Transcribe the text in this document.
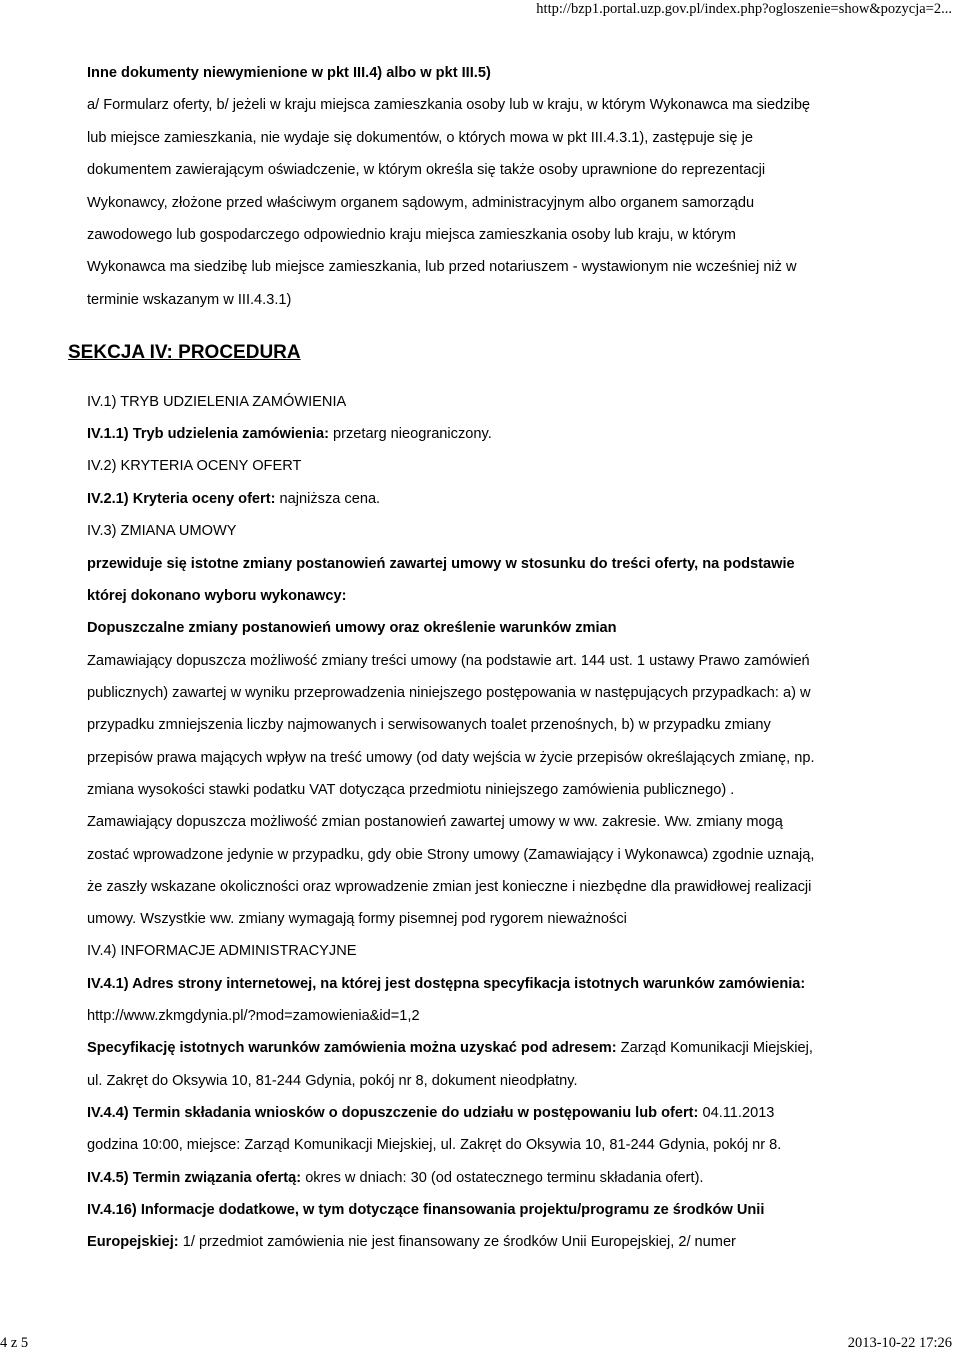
http://bzp1.portal.uzp.gov.pl/index.php?ogloszenie=show&pozycja=2...
Inne dokumenty niewymienione w pkt III.4) albo w pkt III.5)
a/ Formularz oferty, b/ jeżeli w kraju miejsca zamieszkania osoby lub w kraju, w którym Wykonawca ma siedzibę
lub miejsce zamieszkania, nie wydaje się dokumentów, o których mowa w pkt III.4.3.1), zastępuje się je
dokumentem zawierającym oświadczenie, w którym określa się także osoby uprawnione do reprezentacji
Wykonawcy, złożone przed właściwym organem sądowym, administracyjnym albo organem samorządu
zawodowego lub gospodarczego odpowiednio kraju miejsca zamieszkania osoby lub kraju, w którym
Wykonawca ma siedzibę lub miejsce zamieszkania, lub przed notariuszem - wystawionym nie wcześniej niż w
terminie wskazanym w III.4.3.1)
SEKCJA IV: PROCEDURA
IV.1) TRYB UDZIELENIA ZAMÓWIENIA
IV.1.1) Tryb udzielenia zamówienia: przetarg nieograniczony.
IV.2) KRYTERIA OCENY OFERT
IV.2.1) Kryteria oceny ofert: najniższa cena.
IV.3) ZMIANA UMOWY
przewiduje się istotne zmiany postanowień zawartej umowy w stosunku do treści oferty, na podstawie
której dokonano wyboru wykonawcy:
Dopuszczalne zmiany postanowień umowy oraz określenie warunków zmian
Zamawiający dopuszcza możliwość zmiany treści umowy (na podstawie art. 144 ust. 1 ustawy Prawo zamówień
publicznych) zawartej w wyniku przeprowadzenia niniejszego postępowania w następujących przypadkach: a) w
przypadku zmniejszenia liczby najmowanych i serwisowanych toalet przenośnych, b) w przypadku zmiany
przepisów prawa mających wpływ na treść umowy (od daty wejścia w życie przepisów określających zmianę, np.
zmiana wysokości stawki podatku VAT dotycząca przedmiotu niniejszego zamówienia publicznego) .
Zamawiający dopuszcza możliwość zmian postanowień zawartej umowy w ww. zakresie. Ww. zmiany mogą
zostać wprowadzone jedynie w przypadku, gdy obie Strony umowy (Zamawiający i Wykonawca) zgodnie uznają,
że zaszły wskazane okoliczności oraz wprowadzenie zmian jest konieczne i niezbędne dla prawidłowej realizacji
umowy. Wszystkie ww. zmiany wymagają formy pisemnej pod rygorem nieważności
IV.4) INFORMACJE ADMINISTRACYJNE
IV.4.1) Adres strony internetowej, na której jest dostępna specyfikacja istotnych warunków zamówienia:
http://www.zkmgdynia.pl/?mod=zamowienia&id=1,2
Specyfikację istotnych warunków zamówienia można uzyskać pod adresem: Zarząd Komunikacji Miejskiej,
ul. Zakręt do Oksywia 10, 81-244 Gdynia, pokój nr 8, dokument nieodpłatny.
IV.4.4) Termin składania wniosków o dopuszczenie do udziału w postępowaniu lub ofert: 04.11.2013
godzina 10:00, miejsce: Zarząd Komunikacji Miejskiej, ul. Zakręt do Oksywia 10, 81-244 Gdynia, pokój nr 8.
IV.4.5) Termin związania ofertą: okres w dniach: 30 (od ostatecznego terminu składania ofert).
IV.4.16) Informacje dodatkowe, w tym dotyczące finansowania projektu/programu ze środków Unii
Europejskiej: 1/ przedmiot zamówienia nie jest finansowany ze środków Unii Europejskiej, 2/ numer
4 z 5	2013-10-22 17:26
